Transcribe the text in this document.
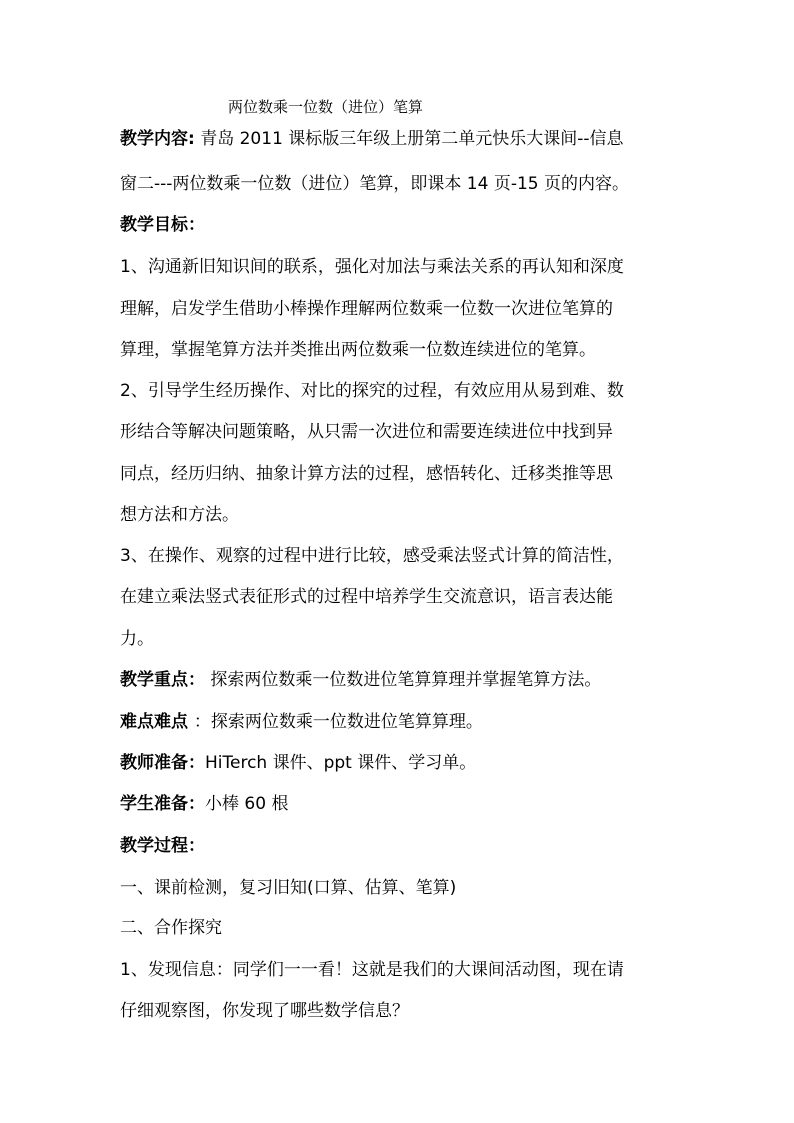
两位数乘一位数（进位）笔算
教学内容: 青岛 2011 课标版三年级上册第二单元快乐大课间--信息
窗二---两位数乘一位数（进位）笔算，即课本 14 页-15 页的内容。
教学目标：
1、沟通新旧知识间的联系，强化对加法与乘法关系的再认知和深度
理解，启发学生借助小棒操作理解两位数乘一位数一次进位笔算的
算理，掌握笔算方法并类推出两位数乘一位数连续进位的笔算。
2、引导学生经历操作、对比的探究的过程，有效应用从易到难、数
形结合等解决问题策略，从只需一次进位和需要连续进位中找到异
同点，经历归纳、抽象计算方法的过程，感悟转化、迁移类推等思
想方法和方法。
3、在操作、观察的过程中进行比较，感受乘法竖式计算的简洁性，
在建立乘法竖式表征形式的过程中培养学生交流意识，语言表达能
力。
教学重点： 探索两位数乘一位数进位笔算算理并掌握笔算方法。
难点难点 ：探索两位数乘一位数进位笔算算理。
教师准备：HiTerch 课件、ppt 课件、学习单。
学生准备：小棒 60 根
教学过程：
一、课前检测，复习旧知(口算、估算、笔算)
二、合作探究
1、发现信息：同学们一一看！这就是我们的大课间活动图，现在请
仔细观察图，你发现了哪些数学信息？
